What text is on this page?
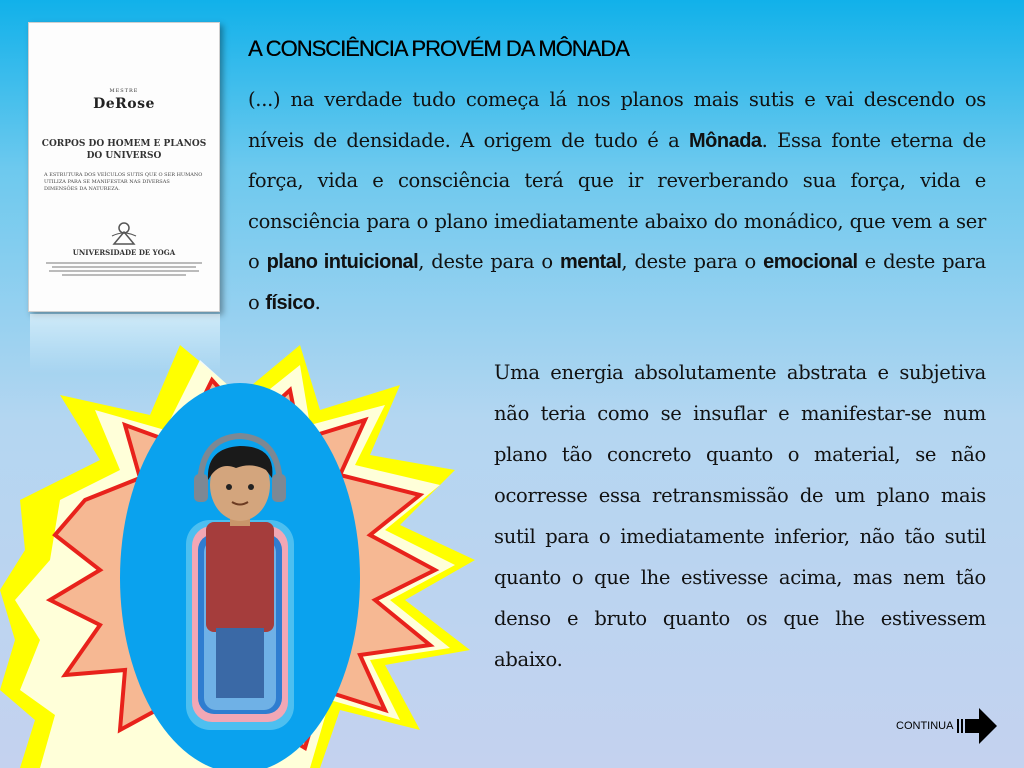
MESTRE
DeRose
CORPOS DO HOMEM E PLANOS DO UNIVERSO
A ESTRUTURA DOS VEÍCULOS SUTIS QUE O SER HUMANO UTILIZA PARA SE MANIFESTAR NAS DIVERSAS DIMENSÕES DA NATUREZA.
UNIVERSIDADE DE YOGA
A CONSCIÊNCIA PROVÉM DA MÔNADA

(...) na verdade tudo começa lá nos planos mais sutis e vai descendo os níveis de densidade. A origem de tudo é a Mônada. Essa fonte eterna de força, vida e consciência terá que ir reverberando sua força, vida e consciência para o plano imediatamente abaixo do monádico, que vem a ser o plano intuicional, deste para o mental, deste para o emocional e deste para o físico.

Uma energia absolutamente abstrata e subjetiva não teria como se insuflar e manifestar-se num plano tão concreto quanto o material, se não ocorresse essa retransmissão de um plano mais sutil para o imediatamente inferior, não tão sutil quanto o que lhe estivesse acima, mas nem tão denso e bruto quanto os que lhe estivessem abaixo.

CONTINUA
